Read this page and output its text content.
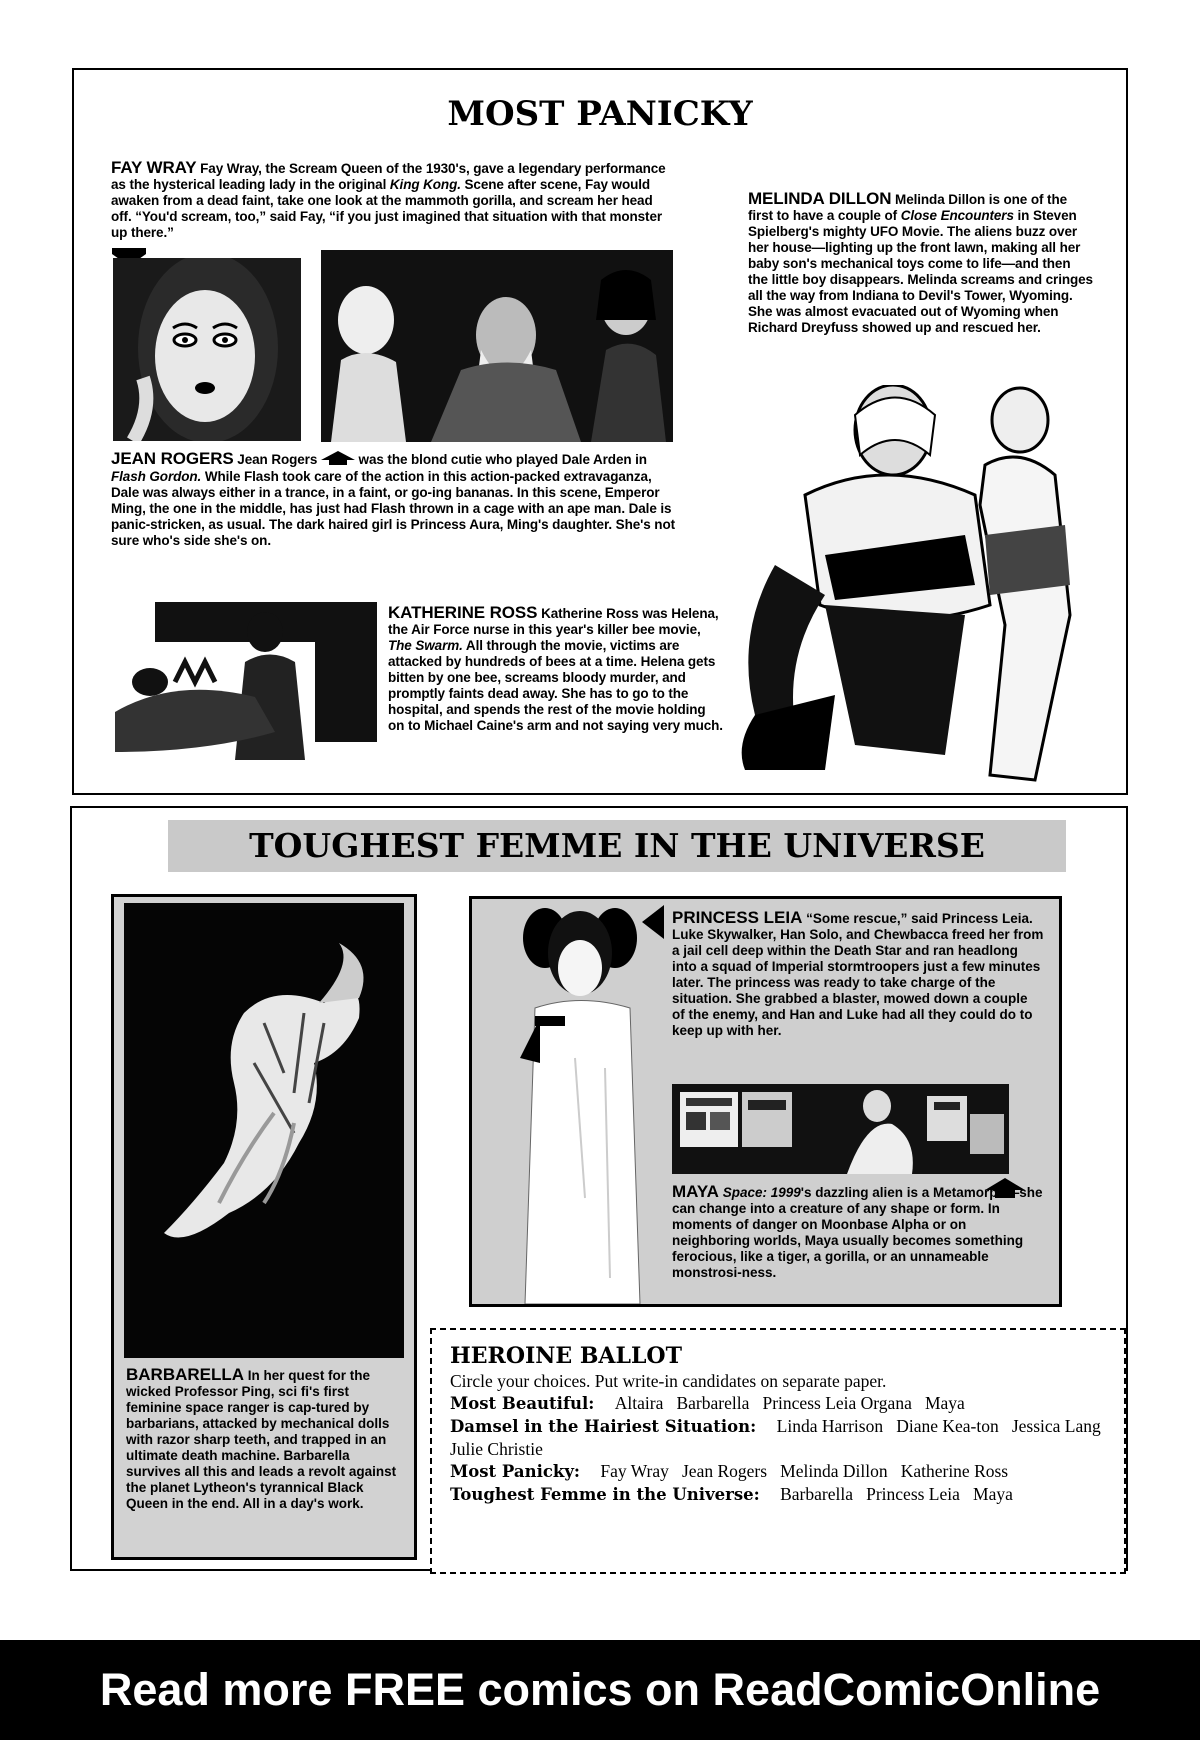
MOST PANICKY
FAY WRAY Fay Wray, the Scream Queen of the 1930's, gave a legendary performance as the hysterical leading lady in the original King Kong. Scene after scene, Fay would awaken from a dead faint, take one look at the mammoth gorilla, and scream her head off. “You'd scream, too,” said Fay, “if you just imagined that situation with that monster up there.”
JEAN ROGERS Jean Rogers	was the blond cutie who played Dale Arden in Flash Gordon. While Flash took care of the action in this action-packed extravaganza, Dale was always either in a trance, in a faint, or go-ing bananas. In this scene, Emperor Ming, the one in the middle, has just had Flash thrown in a cage with an ape man. Dale is panic-stricken, as usual. The dark haired girl is Princess Aura, Ming's daughter. She's not sure who's side she's on.
KATHERINE ROSS Katherine Ross was Helena, the Air Force nurse in this year's killer bee movie, The Swarm. All through the movie, victims are attacked by hundreds of bees at a time. Helena gets bitten by one bee, screams bloody murder, and promptly faints dead away. She has to go to the hospital, and spends the rest of the movie holding on to Michael Caine's arm and not saying very much.
MELINDA DILLON Melinda Dillon is one of the first to have a couple of Close Encounters in Steven Spielberg's mighty UFO Movie. The aliens buzz over her house—lighting up the front lawn, making all her baby son's mechanical toys come to life—and then the little boy disappears. Melinda screams and cringes all the way from Indiana to Devil's Tower, Wyoming. She was almost evacuated out of Wyoming when Richard Dreyfuss showed up and rescued her.
TOUGHEST FEMME IN THE UNIVERSE
BARBARELLA In her quest for the wicked Professor Ping, sci fi's first feminine space ranger is cap-tured by barbarians, attacked by mechanical dolls with razor sharp teeth, and trapped in an ultimate death machine. Barbarella survives all this and leads a revolt against the planet Lytheon's tyrannical Black Queen in the end. All in a day's work.
PRINCESS LEIA “Some rescue,” said Princess Leia. Luke Skywalker, Han Solo, and Chewbacca freed her from a jail cell deep within the Death Star and ran headlong into a squad of Imperial stormtroopers just a few minutes later. The princess was ready to take charge of the situation. She grabbed a blaster, mowed down a couple of the enemy, and Han and Luke had all they could do to keep up with her.
MAYA Space: 1999's dazzling alien is a Metamorph—she can change into a creature of any shape or form. In moments of danger on Moonbase Alpha or on neighboring worlds, Maya usually becomes something ferocious, like a tiger, a gorilla, or an unnameable monstrosi-ness.
HEROINE BALLOT
Circle your choices. Put write-in candidates on separate paper.
Most Beautiful: Altaira   Barbarella   Princess Leia Organa   Maya
Damsel in the Hairiest Situation: Linda Harrison   Diane Kea-ton   Jessica Lang   Julie Christie
Most Panicky: Fay Wray   Jean Rogers   Melinda Dillon   Katherine Ross
Toughest Femme in the Universe: Barbarella   Princess Leia   Maya
Read more FREE comics on ReadComicOnline
